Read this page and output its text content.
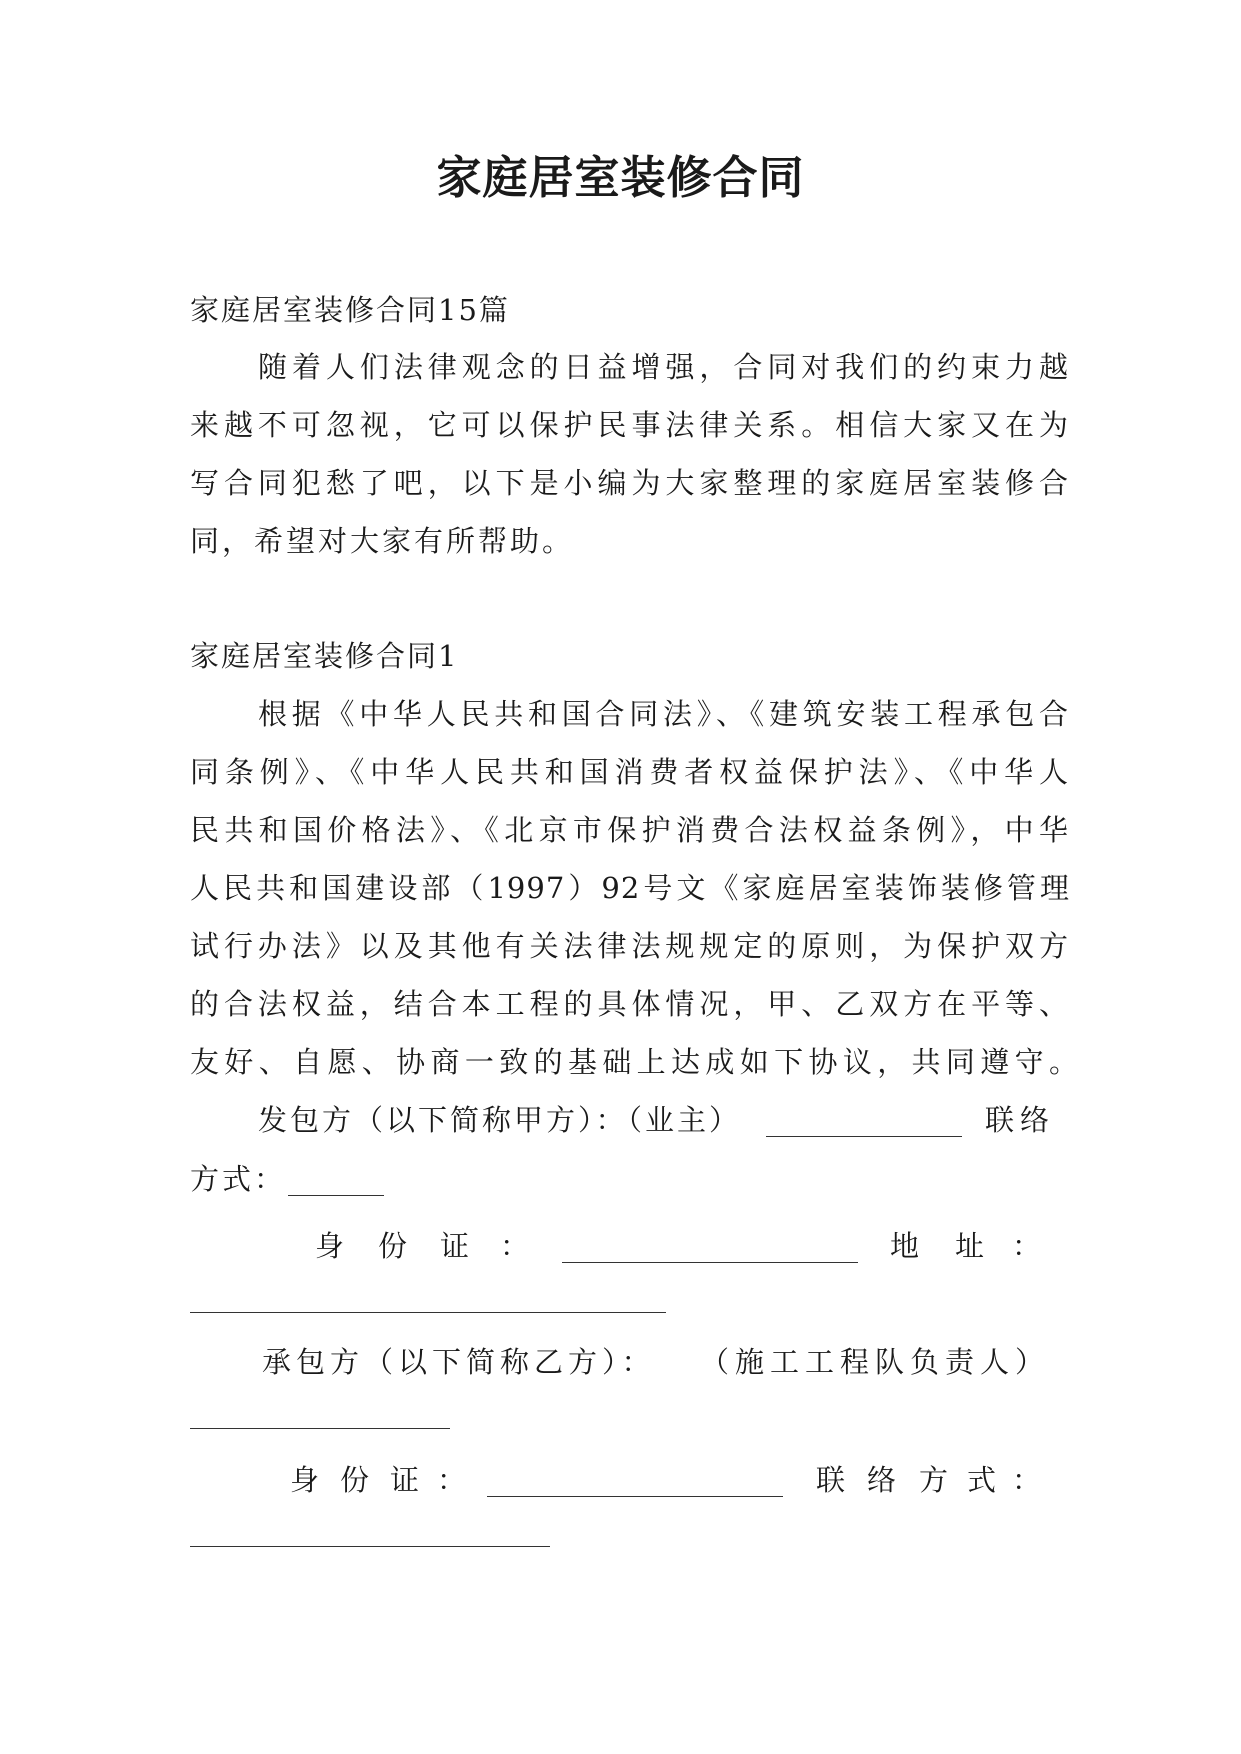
家庭居室装修合同
家庭居室装修合同15篇
随着人们法律观念的日益增强，合同对我们的约束力越
来越不可忽视，它可以保护民事法律关系。相信大家又在为
写合同犯愁了吧，以下是小编为大家整理的家庭居室装修合
同，希望对大家有所帮助。
家庭居室装修合同1
根据《中华人民共和国合同法》、《建筑安装工程承包合
同条例》、《中华人民共和国消费者权益保护法》、《中华人
民共和国价格法》、《北京市保护消费合法权益条例》，中华
人民共和国建设部（1997）92号文《家庭居室装饰装修管理
试行办法》以及其他有关法律法规规定的原则，为保护双方
的合法权益，结合本工程的具体情况，甲、乙双方在平等、
友好、自愿、协商一致的基础上达成如下协议，共同遵守。
发包方（以下简称甲方）：（业主）	联络
方式：
身 份 证 ：	地 址 ：
承包方（以下简称乙方）： （施工工程队负责人）
身 份 证 ：	联 络 方 式 ：
